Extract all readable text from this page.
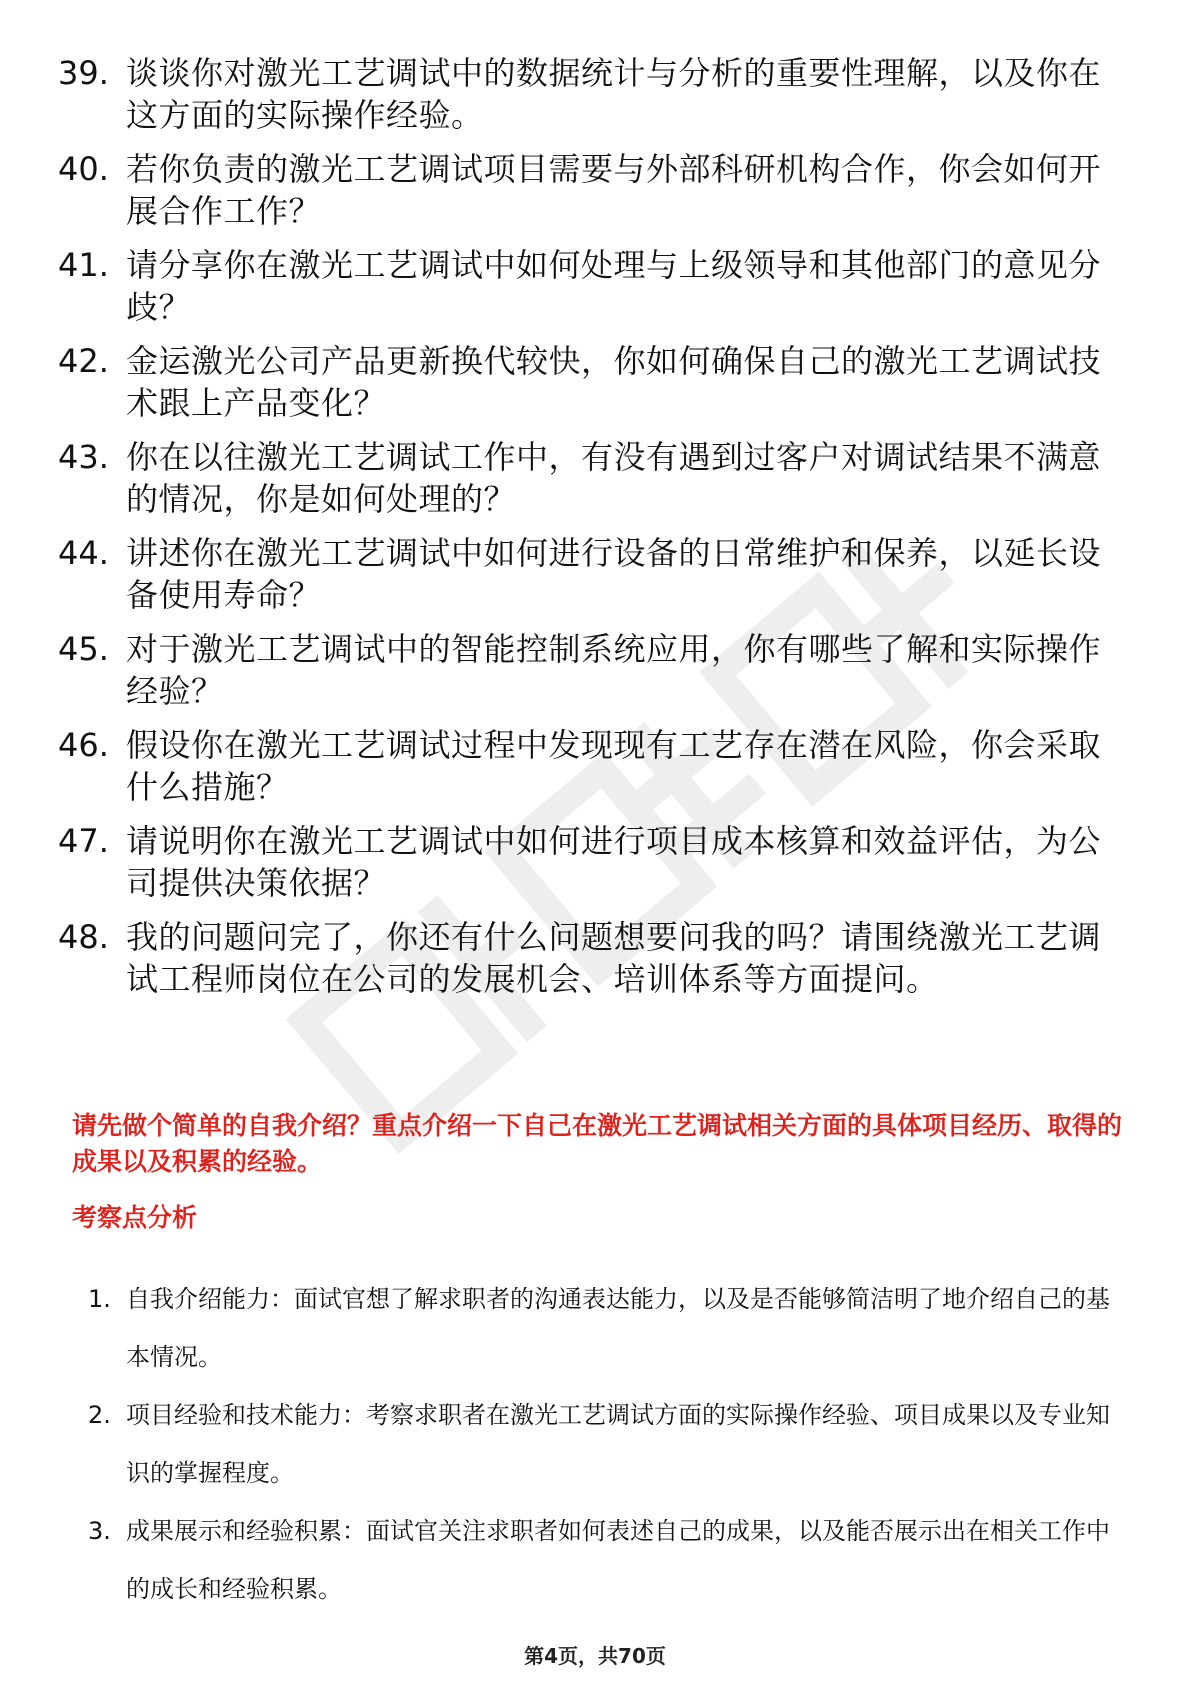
39. 谈谈你对激光工艺调试中的数据统计与分析的重要性理解，以及你在这方面的实际操作经验。
40. 若你负责的激光工艺调试项目需要与外部科研机构合作，你会如何开展合作工作？
41. 请分享你在激光工艺调试中如何处理与上级领导和其他部门的意见分歧？
42. 金运激光公司产品更新换代较快，你如何确保自己的激光工艺调试技术跟上产品变化？
43. 你在以往激光工艺调试工作中，有没有遇到过客户对调试结果不满意的情况，你是如何处理的？
44. 讲述你在激光工艺调试中如何进行设备的日常维护和保养，以延长设备使用寿命？
45. 对于激光工艺调试中的智能控制系统应用，你有哪些了解和实际操作经验？
46. 假设你在激光工艺调试过程中发现现有工艺存在潜在风险，你会采取什么措施？
47. 请说明你在激光工艺调试中如何进行项目成本核算和效益评估，为公司提供决策依据？
48. 我的问题问完了，你还有什么问题想要问我的吗？请围绕激光工艺调试工程师岗位在公司的发展机会、培训体系等方面提问。
请先做个简单的自我介绍？重点介绍一下自己在激光工艺调试相关方面的具体项目经历、取得的成果以及积累的经验。
考察点分析
1. 自我介绍能力：面试官想了解求职者的沟通表达能力，以及是否能够简洁明了地介绍自己的基本情况。
2. 项目经验和技术能力：考察求职者在激光工艺调试方面的实际操作经验、项目成果以及专业知识的掌握程度。
3. 成果展示和经验积累：面试官关注求职者如何表述自己的成果，以及能否展示出在相关工作中的成长和经验积累。
第4页，共70页
